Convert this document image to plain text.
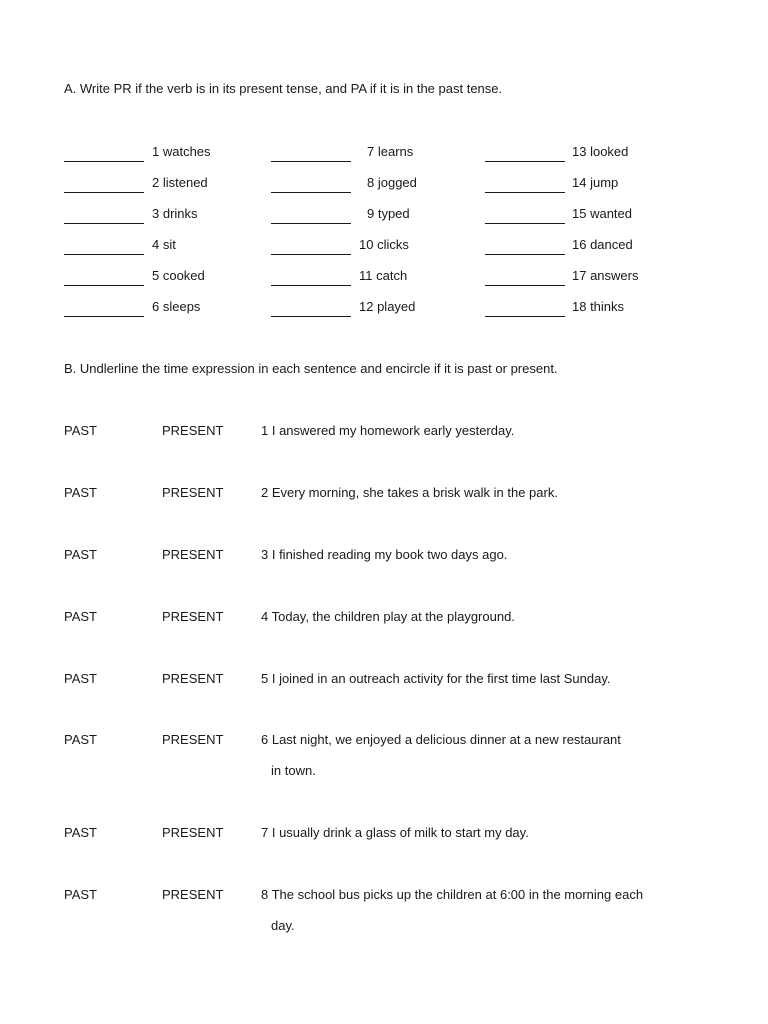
A. Write PR if the verb is in its present tense, and PA if it is in the past tense.
1 watches
2 listened
3 drinks
4 sit
5 cooked
6 sleeps
7 learns
8 jogged
9 typed
10 clicks
11 catch
12 played
13 looked
14 jump
15 wanted
16 danced
17 answers
18 thinks
B. Undlerline the time expression in each sentence and encircle if it is past or present.
PAST	PRESENT	1 I answered my homework early yesterday.
PAST	PRESENT	2 Every morning, she takes a brisk walk in the park.
PAST	PRESENT	3 I finished reading my book two days ago.
PAST	PRESENT	4 Today, the children play at the playground.
PAST	PRESENT	5 I joined in an outreach activity for the first time last Sunday.
PAST	PRESENT	6 Last night, we enjoyed a delicious dinner at a new restaurant
in town.
PAST	PRESENT	7 I usually drink a glass of milk to start my day.
PAST	PRESENT	8 The school bus picks up the children at 6:00 in the morning each
day.
